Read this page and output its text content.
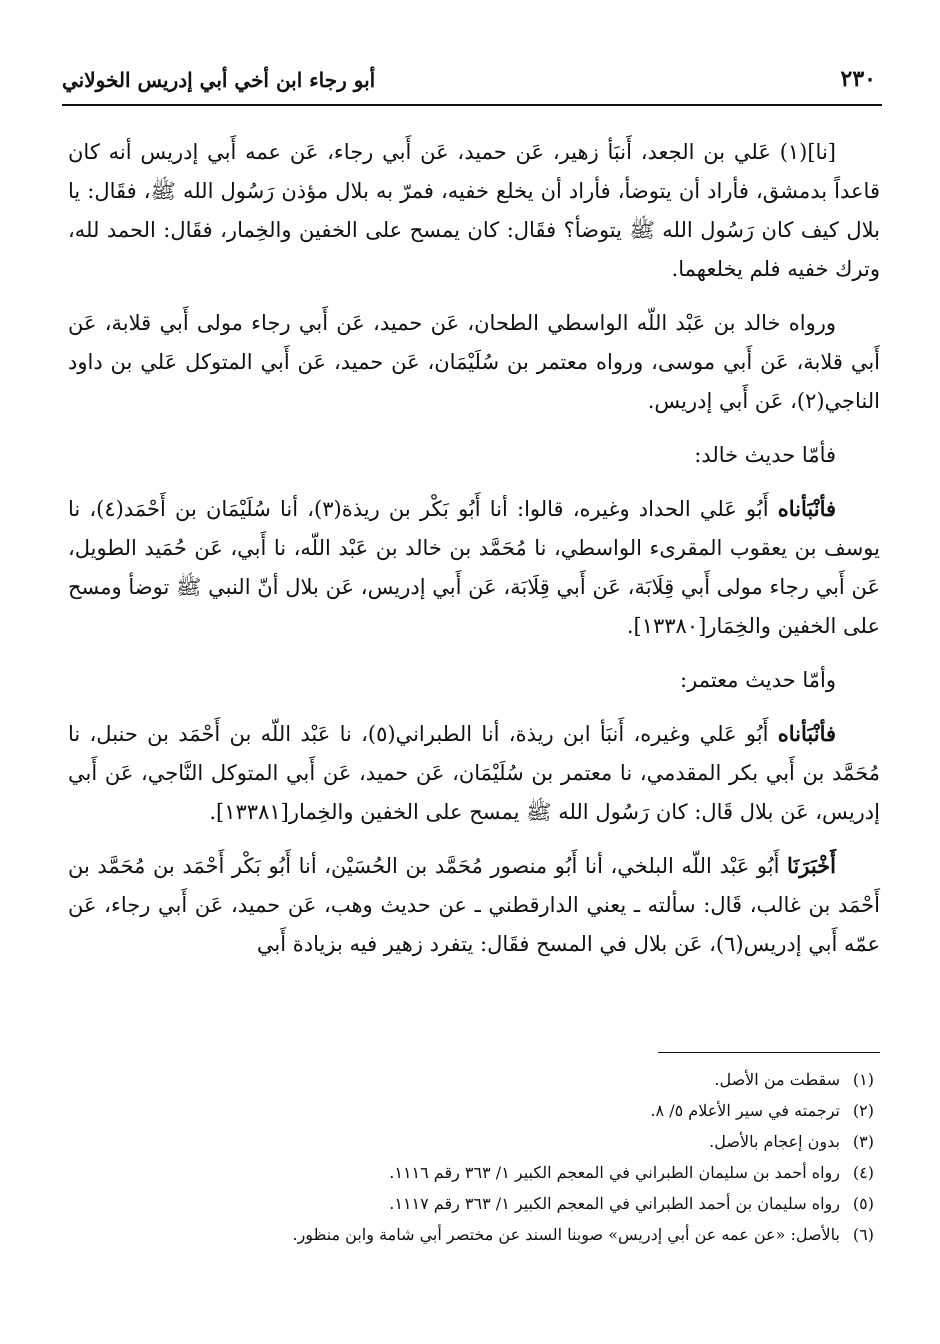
أبو رجاء ابن أخي أبي إدريس الخولاني	٢٣٠

[نا](١) عَلي بن الجعد، أَنبَأ زهير، عَن حميد، عَن أَبي رجاء، عَن عمه أَبي إدريس أنه كان قاعداً بدمشق، فأراد أن يتوضأ، فأراد أن يخلع خفيه، فمرّ به بلال مؤذن رَسُول الله ﷺ، فقَال: يا بلال كيف كان رَسُول الله ﷺ يتوضأ؟ فقَال: كان يمسح على الخفين والخِمار، فقَال: الحمد لله، وترك خفيه فلم يخلعهما.

ورواه خالد بن عَبْد اللّه الواسطي الطحان، عَن حميد، عَن أَبي رجاء مولى أَبي قلابة، عَن أَبي قلابة، عَن أَبي موسى، ورواه معتمر بن سُلَيْمَان، عَن حميد، عَن أَبي المتوكل عَلي بن داود الناجي(٢)، عَن أَبي إدريس.

فأمّا حديث خالد:

فأنْبَأناه أَبُو عَلي الحداد وغيره، قالوا: أنا أَبُو بَكْر بن ريذة(٣)، أنا سُلَيْمَان بن أَحْمَد(٤)، نا يوسف بن يعقوب المقرىء الواسطي، نا مُحَمَّد بن خالد بن عَبْد اللّه، نا أَبي، عَن حُمَيد الطويل، عَن أَبي رجاء مولى أَبي قِلَابَة، عَن أَبي قِلَابَة، عَن أَبي إدريس، عَن بلال أنّ النبي ﷺ توضأ ومسح على الخفين والخِمَار[١٣٣٨٠].

وأمّا حديث معتمر:

فأنْبَأناه أَبُو عَلي وغيره، أَنبَأ ابن ريذة، أنا الطبراني(٥)، نا عَبْد اللّه بن أَحْمَد بن حنبل، نا مُحَمَّد بن أَبي بكر المقدمي، نا معتمر بن سُلَيْمَان، عَن حميد، عَن أَبي المتوكل النَّاجي، عَن أَبي إدريس، عَن بلال قَال: كان رَسُول الله ﷺ يمسح على الخفين والخِمار[١٣٣٨١].

أَخْبَرَنَا أَبُو عَبْد اللّه البلخي، أنا أَبُو منصور مُحَمَّد بن الحُسَيْن، أنا أَبُو بَكْر أَحْمَد بن مُحَمَّد بن أَحْمَد بن غالب، قَال: سألته ـ يعني الدارقطني ـ عن حديث وهب، عَن حميد، عَن أَبي رجاء، عَن عمّه أَبي إدريس(٦)، عَن بلال في المسح فقَال: يتفرد زهير فيه بزيادة أَبي

(١)سقطت من الأصل.

(٢)ترجمته في سير الأعلام ٥/ ٨.

(٣)بدون إعجام بالأصل.

(٤)رواه أحمد بن سليمان الطبراني في المعجم الكبير ١/ ٣٦٣ رقم ١١١٦.

(٥)رواه سليمان بن أحمد الطبراني في المعجم الكبير ١/ ٣٦٣ رقم ١١١٧.

(٦)بالأصل: «عن عمه عن أبي إدريس» صوبنا السند عن مختصر أبي شامة وابن منظور.
